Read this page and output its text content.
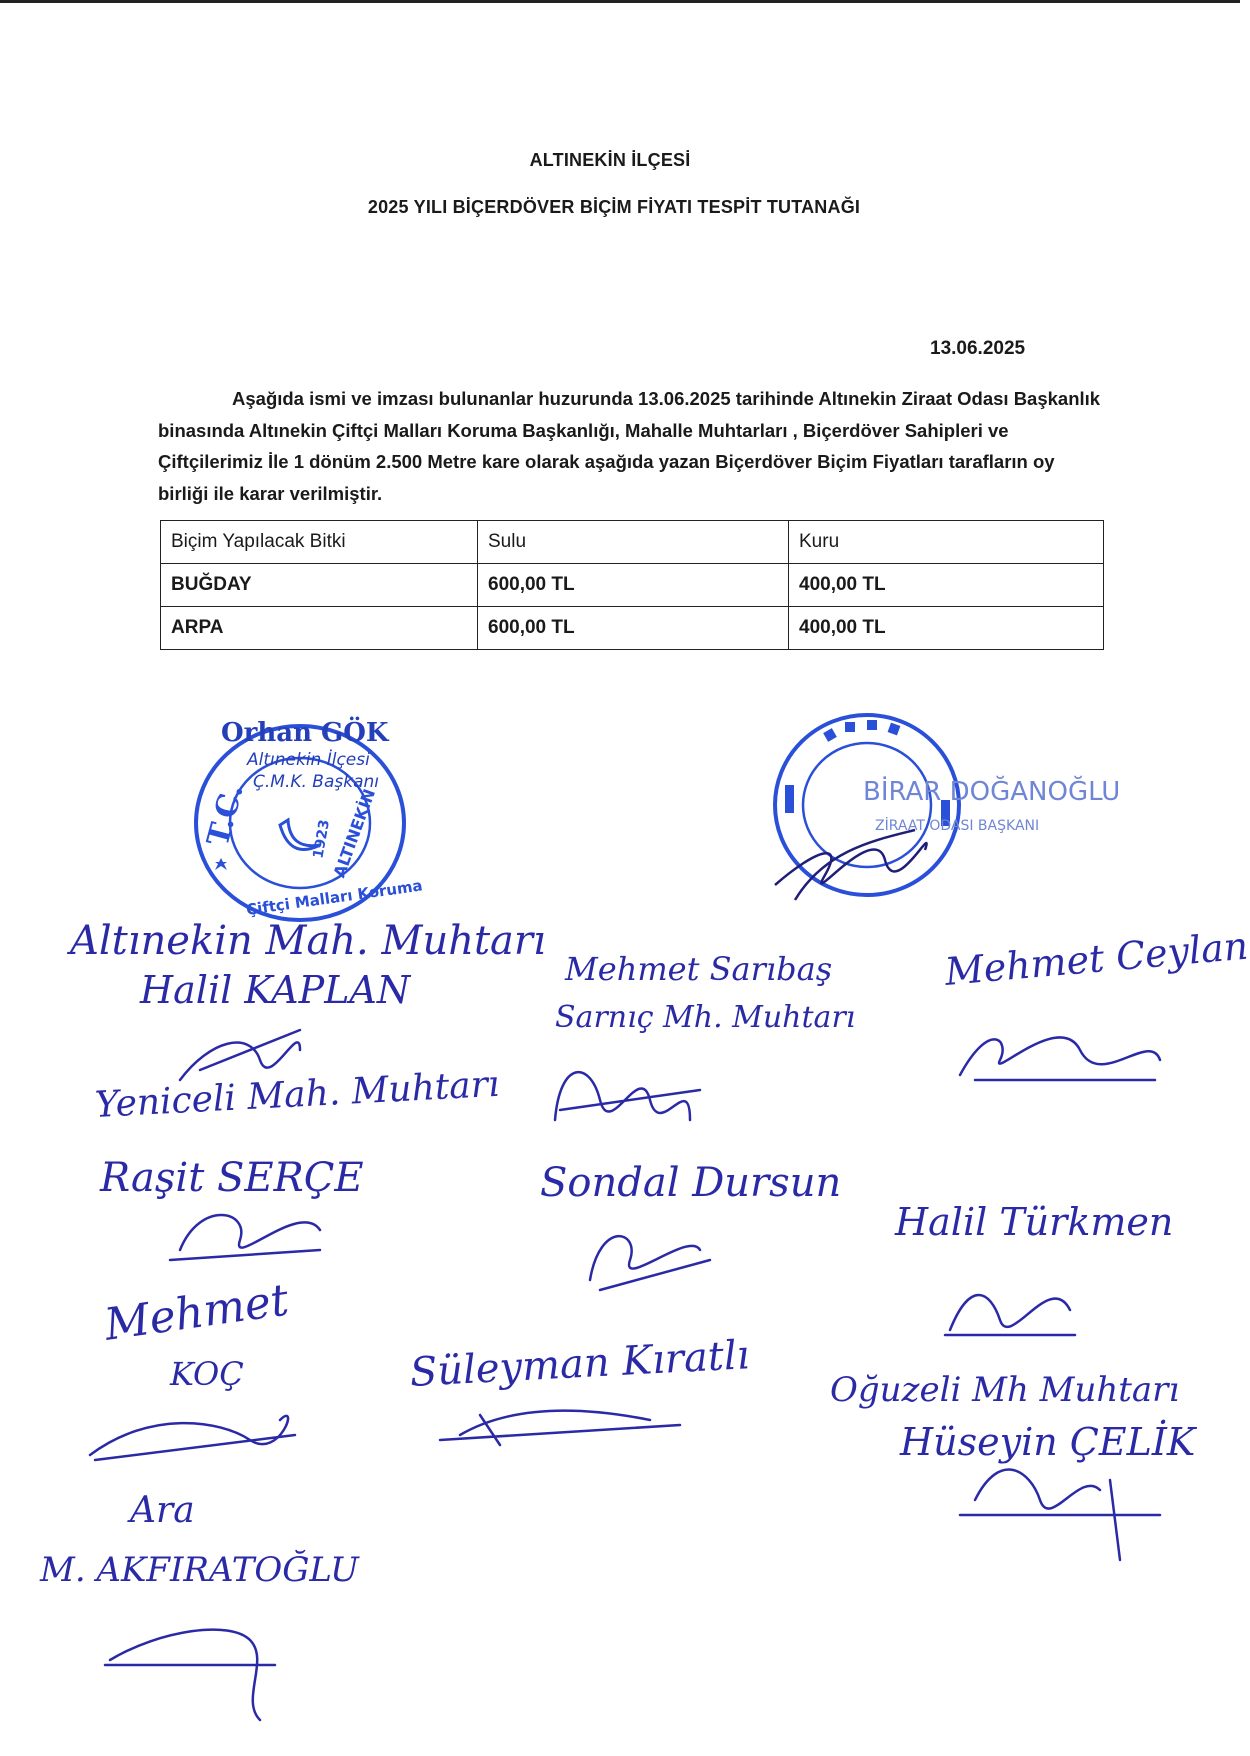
ALTINEKİN İLÇESİ
2025 YILI BİÇERDÖVER BİÇİM FİYATI TESPİT TUTANAĞI
13.06.2025

Aşağıda ismi ve imzası bulunanlar huzurunda 13.06.2025 tarihinde Altınekin Ziraat Odası Başkanlık binasında Altınekin Çiftçi Malları Koruma Başkanlığı, Mahalle Muhtarları , Biçerdöver Sahipleri ve Çiftçilerimiz İle 1 dönüm 2.500 Metre kare olarak aşağıda yazan Biçerdöver Biçim Fiyatları tarafların oy birliği ile karar verilmiştir.

Biçim Yapılacak Bitki	Sulu	Kuru
BUĞDAY	600,00 TL	400,00 TL
ARPA	600,00 TL	400,00 TL
T.C.	ALTINEKİN
Çiftçi Malları Koruma
1923
Orhan GÖK
Altınekin İlçesi
Ç.M.K. Başkanı	BİRAR DOĞANOĞLU
ZİRAAT ODASI BAŞKANI
Altınekin Mah. Muhtarı
Halil KAPLAN	Mehmet Sarıbaş
Sarnıç Mh. Muhtarı
Mehmet Ceylan
Yeniceli Mah. Muhtarı
Raşit SERÇE	Sondal Dursun
Halil Türkmen
Mehmet
KOÇ	Süleyman Kıratlı Oğuzeli Mh Muhtarı
Hüseyin ÇELİK
Ara
M. AKFIRATOĞLU
